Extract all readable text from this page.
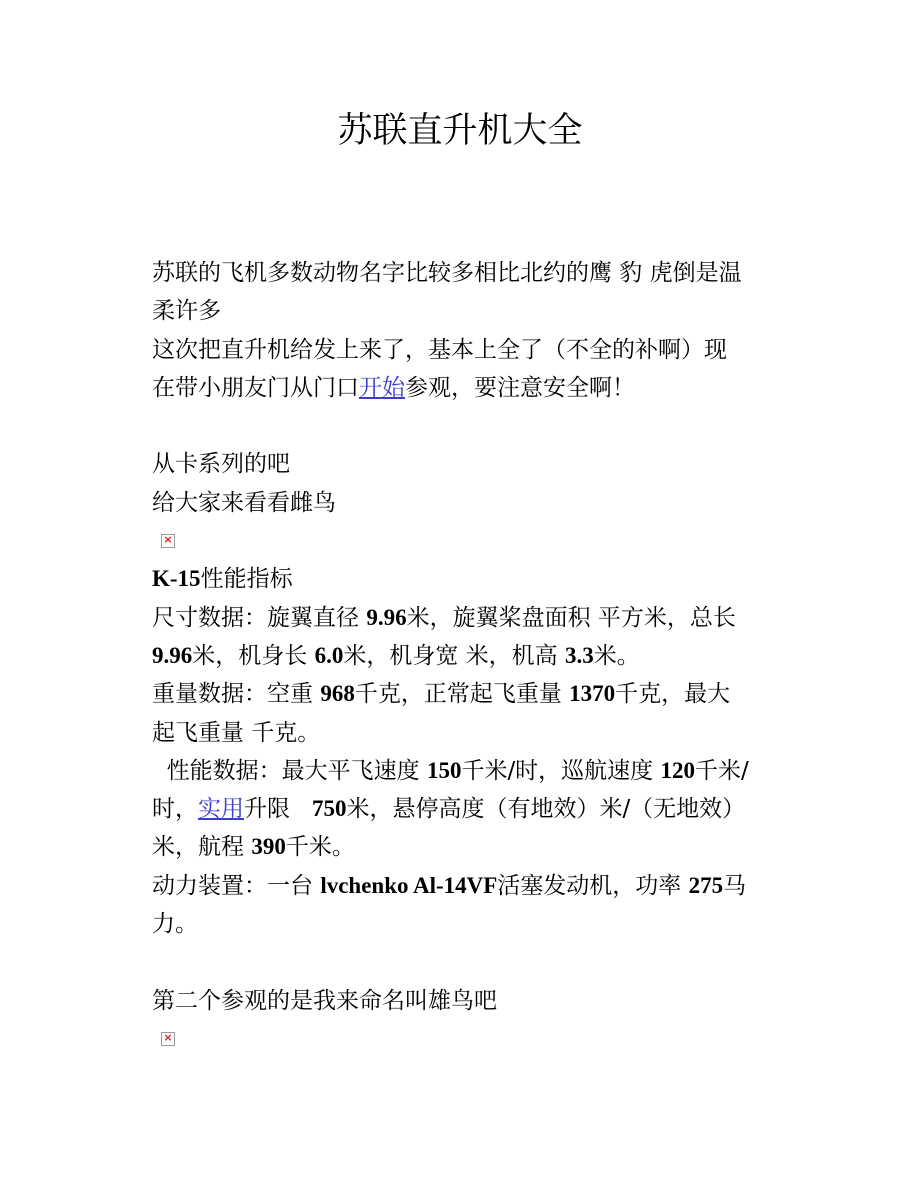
苏联直升机大全
苏联的飞机多数动物名字比较多相比北约的鹰 豹 虎倒是温
柔许多
这次把直升机给发上来了，基本上全了（不全的补啊）现
在带小朋友门从门口开始参观，要注意安全啊！
从卡系列的吧
给大家来看看雌鸟
×
K-15性能指标
尺寸数据：旋翼直径 9.96米，旋翼桨盘面积 平方米，总长
9.96米，机身长 6.0米，机身宽 米，机高 3.3米。
重量数据：空重 968千克，正常起飞重量 1370千克，最大
起飞重量 千克。
性能数据：最大平飞速度 150千米/时，巡航速度 120千米/
时，实用升限   750米，悬停高度（有地效）米/（无地效）
米，航程 390千米。
动力装置：一台 lvchenko Al-14VF活塞发动机，功率 275马
力。
第二个参观的是我来命名叫雄鸟吧
×
